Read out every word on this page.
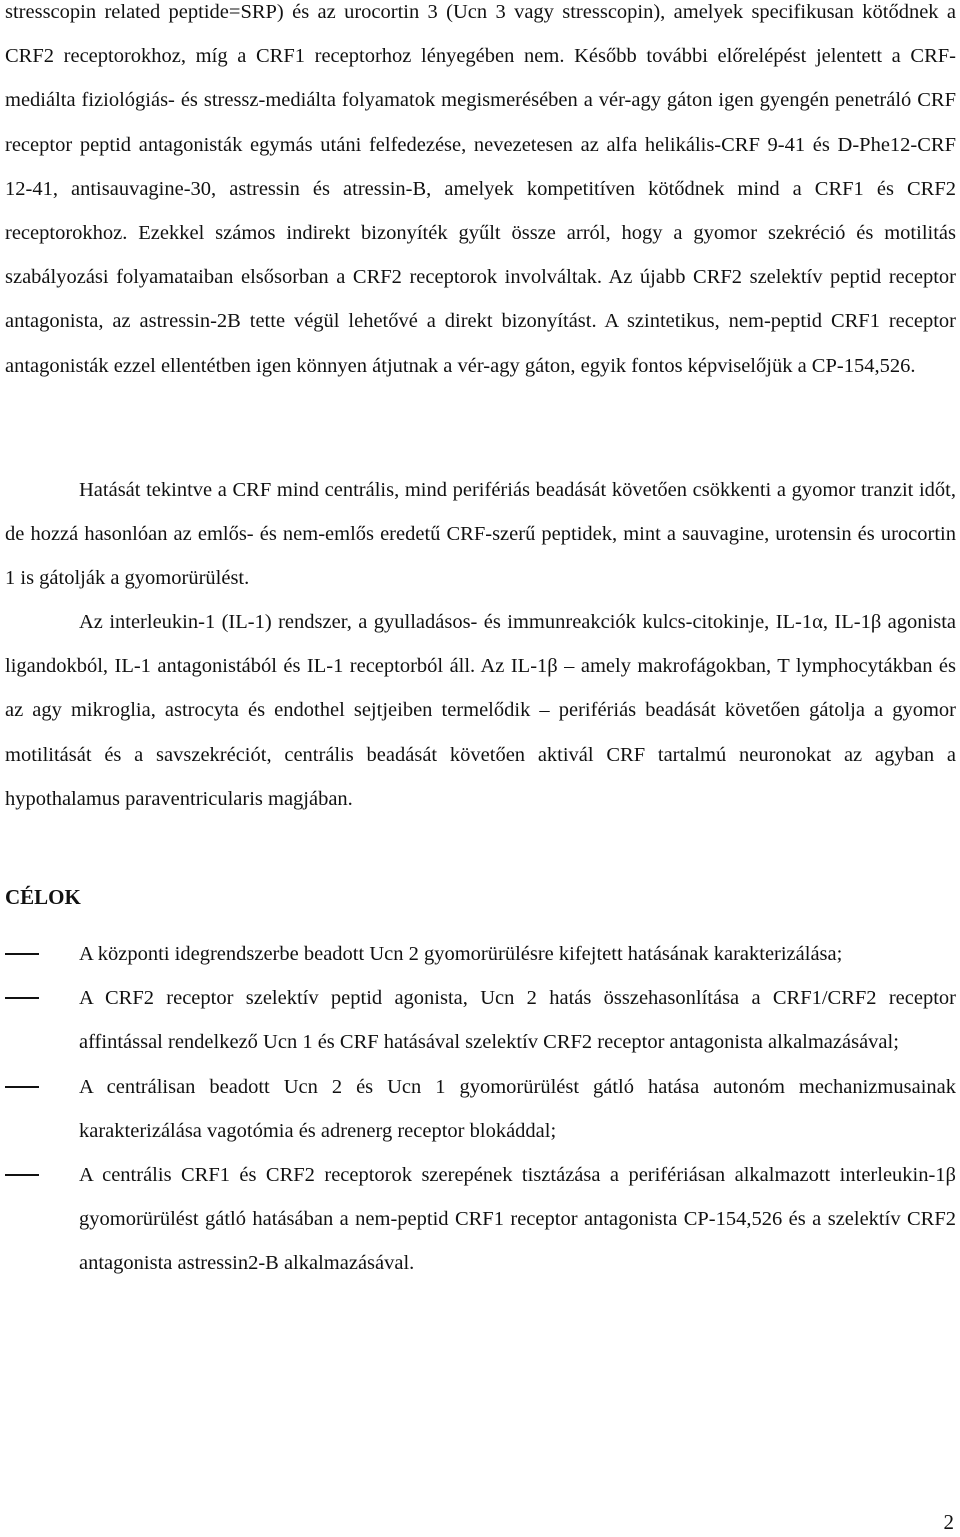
stresscopin related peptide=SRP) és az urocortin 3 (Ucn 3 vagy stresscopin), amelyek specifikusan kötődnek a CRF2 receptorokhoz, míg a CRF1 receptorhoz lényegében nem. Később további előrelépést jelentett a CRF-mediálta fiziológiás- és stressz-mediálta folyamatok megismerésében a vér-agy gáton igen gyengén penetráló CRF receptor peptid antagonisták egymás utáni felfedezése, nevezetesen az alfa helikális-CRF 9-41 és D-Phe12-CRF 12-41, antisauvagine-30, astressin és atressin-B, amelyek kompetitíven kötődnek mind a CRF1 és CRF2 receptorokhoz. Ezekkel számos indirekt bizonyíték gyűlt össze arról, hogy a gyomor szekréció és motilitás szabályozási folyamataiban elsősorban a CRF2 receptorok involváltak. Az újabb CRF2 szelektív peptid receptor antagonista, az astressin-2B tette végül lehetővé a direkt bizonyítást. A szintetikus, nem-peptid CRF1 receptor antagonisták ezzel ellentétben igen könnyen átjutnak a vér-agy gáton, egyik fontos képviselőjük a CP-154,526.

Hatását tekintve a CRF mind centrális, mind perifériás beadását követően csökkenti a gyomor tranzit időt, de hozzá hasonlóan az emlős- és nem-emlős eredetű CRF-szerű peptidek, mint a sauvagine, urotensin és urocortin 1 is gátolják a gyomorürülést.

Az interleukin-1 (IL-1) rendszer, a gyulladásos- és immunreakciók kulcs-citokinje, IL-1α, IL-1β agonista ligandokból, IL-1 antagonistából és IL-1 receptorból áll. Az IL-1β – amely makrofágokban, T lymphocytákban és az agy mikroglia, astrocyta és endothel sejtjeiben termelődik – perifériás beadását követően gátolja a gyomor motilitását és a savszekréciót, centrális beadását követően aktivál CRF tartalmú neuronokat az agyban a hypothalamus paraventricularis magjában.

CÉLOK
A központi idegrendszerbe beadott Ucn 2 gyomorürülésre kifejtett hatásának karakterizálása;
A CRF2 receptor szelektív peptid agonista, Ucn 2 hatás összehasonlítása a CRF1/CRF2 receptor affintással rendelkező Ucn 1 és CRF hatásával szelektív CRF2 receptor antagonista alkalmazásával;
A centrálisan beadott Ucn 2 és Ucn 1 gyomorürülést gátló hatása autonóm mechanizmusainak karakterizálása vagotómia és adrenerg receptor blokáddal;
A centrális CRF1 és CRF2 receptorok szerepének tisztázása a perifériásan alkalmazott interleukin-1β gyomorürülést gátló hatásában a nem-peptid CRF1 receptor antagonista CP-154,526 és a szelektív CRF2 antagonista astressin2-B alkalmazásával.
2
